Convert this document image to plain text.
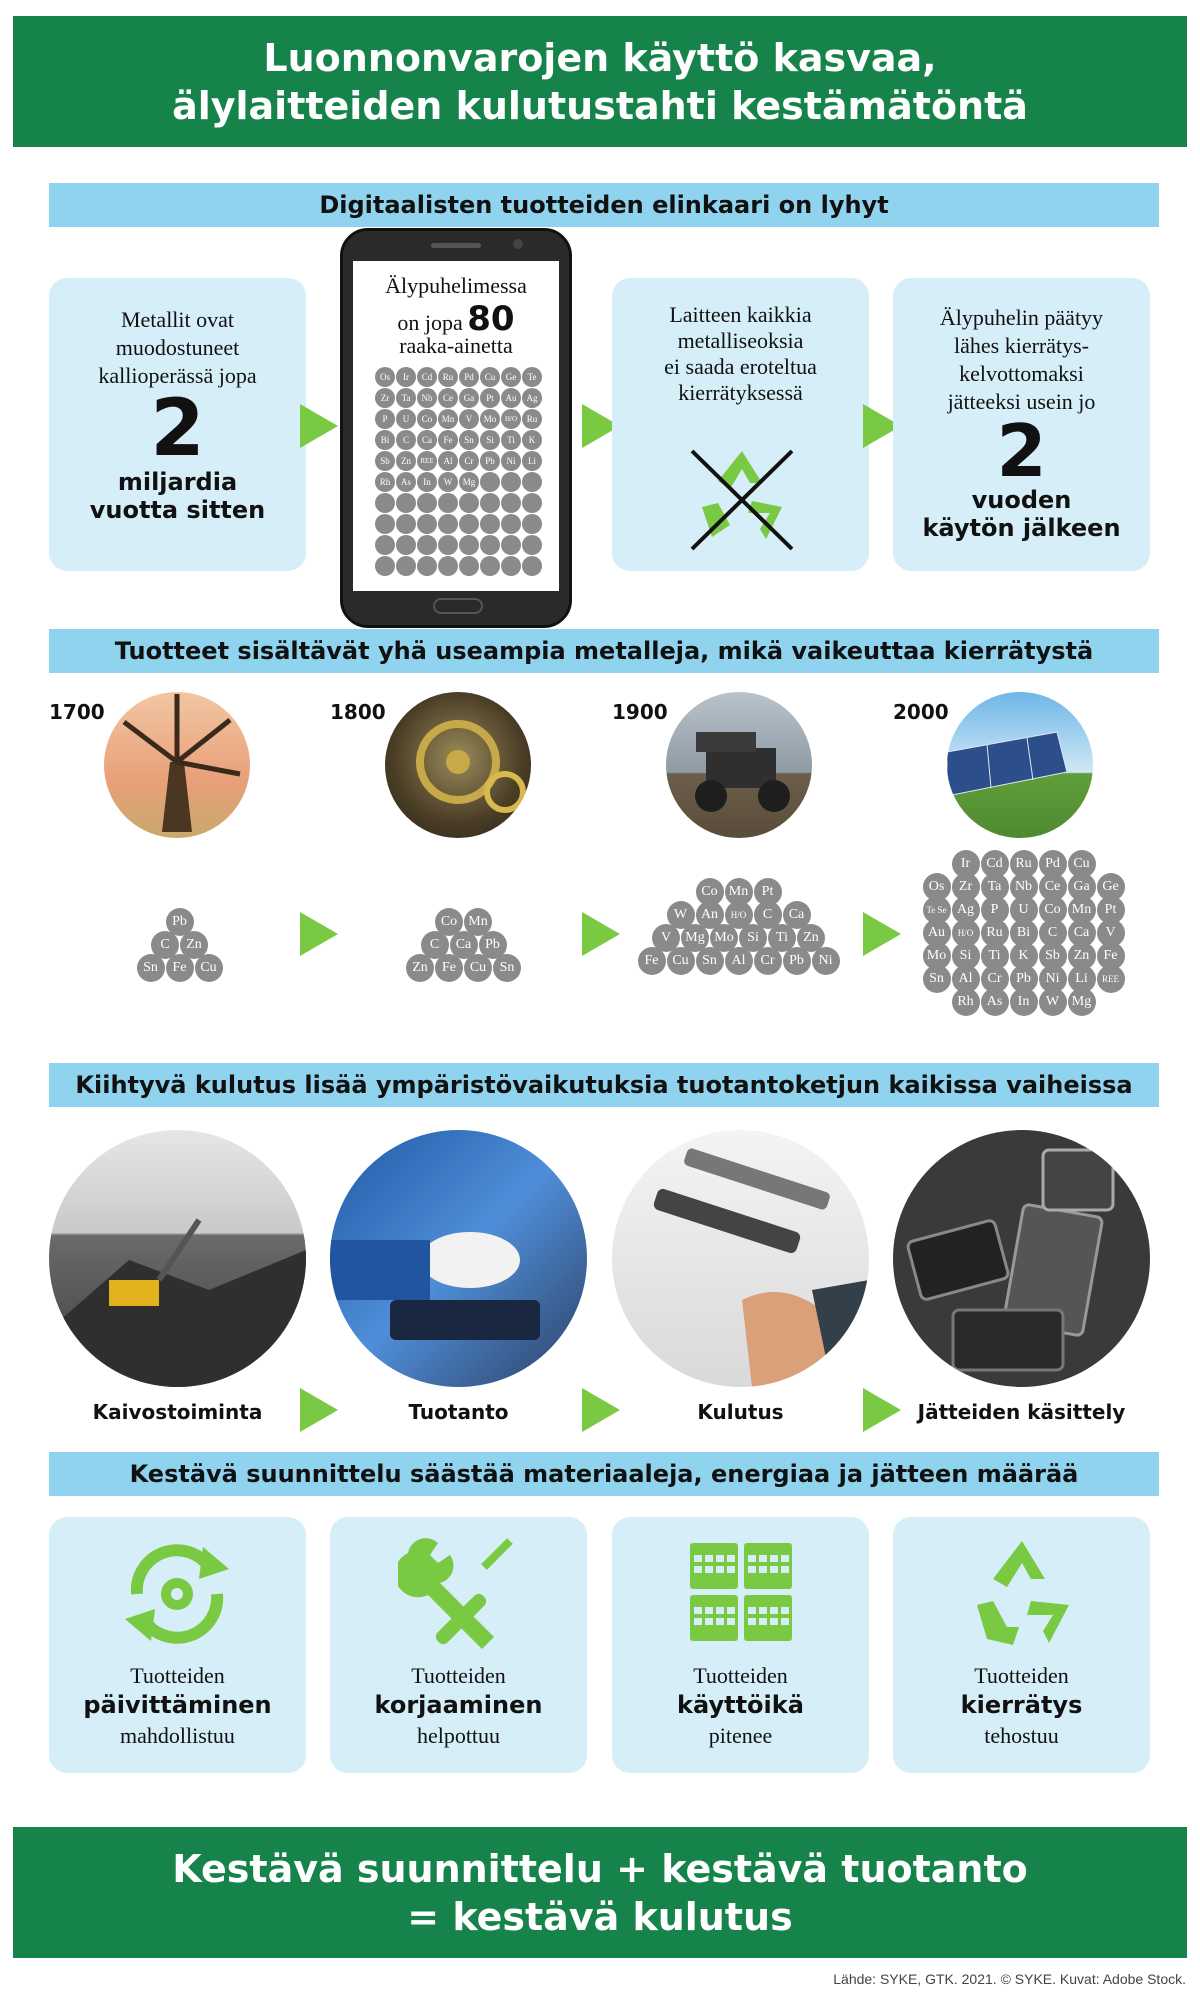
Luonnonvarojen käyttö kasvaa,
älylaitteiden kulutustahti kestämätöntä
Digitaalisten tuotteiden elinkaari on lyhyt
Metallit ovat
muodostuneet
kallioperässä jopa
2
miljardia
vuotta sitten
Älypuhelimessa
on jopa 80
raaka-ainetta
Os	Ir	Cd	Ru	Pd	Cu	Ge	Te
Zr	Ta	Nb	Ce	Ga	Pt	Au	Ag
P	U	Co	Mn	V	Mo	H/O	Ru
Bi	C	Ca	Fe	Sn	Si	Ti	K
Sb	Zn	REE	Al	Cr	Pb	Ni	Li
Rh	As	In	W	Mg
Laitteen kaikkia
metalliseoksia
ei saada eroteltua
kierrätyksessä
Älypuhelin päätyy
lähes kierrätys-
kelvottomaksi
jätteeksi usein jo
2
vuoden
käytön jälkeen
Tuotteet sisältävät yhä useampia metalleja, mikä vaikeuttaa kierrätystä
1700	1800	1900	2000
Pb
C	Zn
Sn	Fe Cu
Co Mn
C	Ca Pb
Zn	Fe Cu Sn
Co Mn Pt
W An	H/O	C	Ca
V	Mg Mo Si	Ti	Zn
Fe Cu Sn	Al	Cr	Pb	Ni
Ir	Cd Ru Pd Cu
Os	Zr	Ta Nb Ce Ga Ge
Te Se Ag	P	U	Co Mn Pt
Au	H/O Ru	Bi	C	Ca	V
Mo Si	Ti	K	Sb Zn	Fe
Sn	Al	Cr	Pb	Ni	Li	REE
Rh As	In	W Mg
Kiihtyvä kulutus lisää ympäristövaikutuksia tuotantoketjun kaikissa vaiheissa
Kaivostoiminta	Tuotanto	Kulutus	Jätteiden käsittely
Kestävä suunnittelu säästää materiaaleja, energiaa ja jätteen määrää
Tuotteiden
päivittäminen
mahdollistuu
Tuotteiden
korjaaminen
helpottuu
Tuotteiden
käyttöikä
pitenee
Tuotteiden
kierrätys
tehostuu
Kestävä suunnittelu + kestävä tuotanto
= kestävä kulutus
Lähde: SYKE, GTK. 2021. © SYKE. Kuvat: Adobe Stock.
